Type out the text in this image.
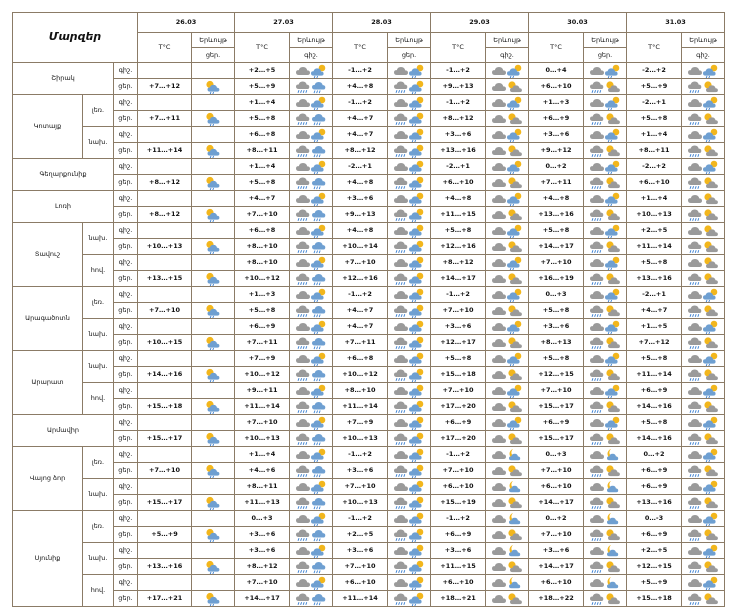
Մարզեր			26.03		27.03		28.03		29.03		30.03		31.03		
			T°C	Երևույթ	T°C	Երևույթ	T°C	Երևույթ	T°C	Երևույթ	T°C	Երևույթ	T°C	Երևույթ	
				ցեր.		գիշ.		ցեր.		գիշ.		ցեր.		գիշ.					
Շիրակ		գիշ.			+2…+5		-1…+2		-1…+2		0…+4		-2…+2	

		ցեր.	+7…+12		+5…+9		+4…+8		+9…+13		+6…+10		+5…+9	

Կոտայք	լեռ.	գիշ.			+1…+4		-1…+2		-1…+2		+1…+3		-2…+1	

		ցեր.	+7…+11		+5…+8		+4…+7		+8…+12		+6…+9		+5…+8	

	նախ.	գիշ.			+6…+8		+4…+7		+3…+6		+3…+6		+1…+4	

		ցեր.	+11…+14		+8…+11		+8…+12		+13…+16		+9…+12		+8…+11	

Գեղարքունիք		գիշ.			+1…+4		-2…+1		-2…+1		0…+2		-2…+2	

		ցեր.	+8…+12		+5…+8		+4…+8		+6…+10		+7…+11		+6…+10	

Լոռի		գիշ.			+4…+7		+3…+6		+4…+8		+4…+8		+1…+4	

		ցեր.	+8…+12		+7…+10		+9…+13		+11…+15		+13…+16		+10…+13	

Տավուշ	նախ.	գիշ.			+6…+8		+4…+8		+5…+8		+5…+8		+2…+5	

		ցեր.	+10…+13		+8…+10		+10…+14		+12…+16		+14…+17		+11…+14	

	հով.	գիշ.			+8…+10		+7…+10		+8…+12		+7…+10		+5…+8	

		ցեր.	+13…+15		+10…+12		+12…+16		+14…+17		+16…+19		+13…+16	

Արագածոտն	լեռ.	գիշ.			+1…+3		-1…+2		-1…+2		0…+3		-2…+1	

		ցեր.	+7…+10		+5…+8		+4…+7		+7…+10		+5…+8		+4…+7	

	նախ.	գիշ.			+6…+9		+4…+7		+3…+6		+3…+6		+1…+5	

		ցեր.	+10…+15		+7…+11		+7…+11		+12…+17		+8…+13		+7…+12	

Արարատ	նախ.	գիշ.			+7…+9		+6…+8		+5…+8		+5…+8		+5…+8	

		ցեր.	+14…+16		+10…+12		+10…+12		+15…+18		+12…+15		+11…+14	

	հով.	գիշ.			+9…+11		+8…+10		+7…+10		+7…+10		+6…+9	

		ցեր.	+15…+18		+11…+14		+11…+14		+17…+20		+15…+17		+14…+16	

Արմավիր		գիշ.			+7…+10		+7…+9		+6…+9		+6…+9		+5…+8	

		ցեր.	+15…+17		+10…+13		+10…+13		+17…+20		+15…+17		+14…+16	

Վայոց ձոր	լեռ.	գիշ.			+1…+4		-1…+2		-1…+2		0…+3		0…+2	

		ցեր.	+7…+10		+4…+6		+3…+6		+7…+10		+7…+10		+6…+9	

	նախ.	գիշ.			+8…+11		+7…+10		+6…+10		+6…+10		+6…+9	

		ցեր.	+15…+17		+11…+13		+10…+13		+15…+19		+14…+17		+13…+16	

Սյունիք	լեռ.	գիշ.			0…+3		-1…+2		-1…+2		0…+2		0…-3	

		ցեր.	+5…+9		+3…+6		+2…+5		+6…+9		+7…+10		+6…+9	

	նախ.	գիշ.			+3…+6		+3…+6		+3…+6		+3…+6		+2…+5	

		ցեր.	+13…+16		+8…+12		+7…+10		+11…+15		+14…+17		+12…+15	

	հով.	գիշ.			+7…+10		+6…+10		+6…+10		+6…+10		+5…+9	

		ցեր.	+17…+21		+14…+17		+11…+14		+18…+21		+18…+22		+15…+18	
